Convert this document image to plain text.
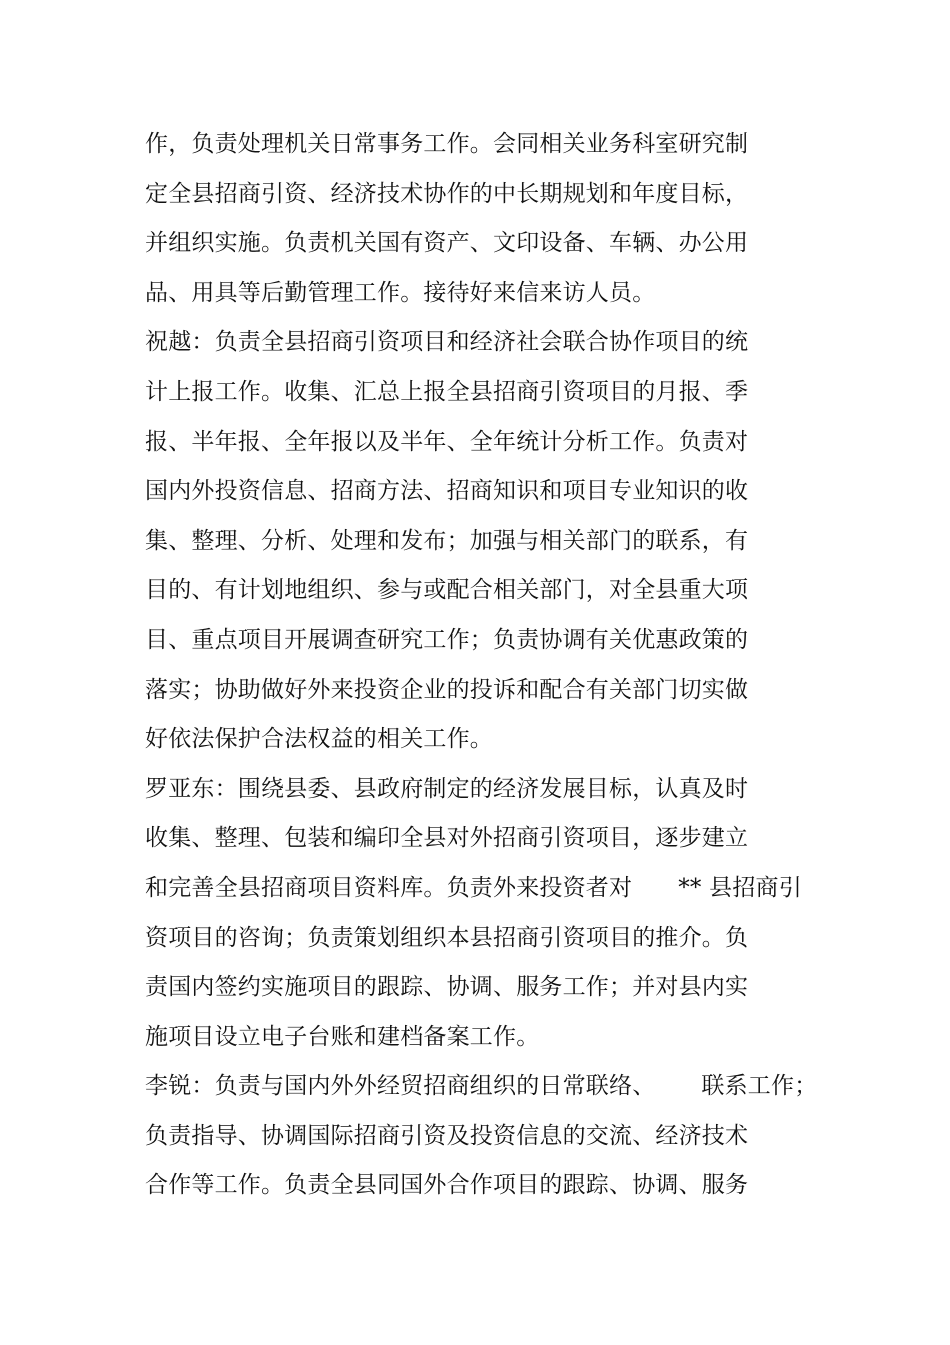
作，负责处理机关日常事务工作。会同相关业务科室研究制
定全县招商引资、经济技术协作的中长期规划和年度目标，
并组织实施。负责机关国有资产、文印设备、车辆、办公用
品、用具等后勤管理工作。接待好来信来访人员。
祝越：负责全县招商引资项目和经济社会联合协作项目的统
计上报工作。收集、汇总上报全县招商引资项目的月报、季
报、半年报、全年报以及半年、全年统计分析工作。负责对
国内外投资信息、招商方法、招商知识和项目专业知识的收
集、整理、分析、处理和发布；加强与相关部门的联系，有
目的、有计划地组织、参与或配合相关部门，对全县重大项
目、重点项目开展调查研究工作；负责协调有关优惠政策的
落实；协助做好外来投资企业的投诉和配合有关部门切实做
好依法保护合法权益的相关工作。
罗亚东：围绕县委、县政府制定的经济发展目标，认真及时
收集、整理、包装和编印全县对外招商引资项目，逐步建立
和完善全县招商项目资料库。负责外来投资者对 ** 县招商引
资项目的咨询；负责策划组织本县招商引资项目的推介。负
责国内签约实施项目的跟踪、协调、服务工作；并对县内实
施项目设立电子台账和建档备案工作。
李锐：负责与国内外外经贸招商组织的日常联络、 联系工作；
负责指导、协调国际招商引资及投资信息的交流、经济技术
合作等工作。负责全县同国外合作项目的跟踪、协调、服务
